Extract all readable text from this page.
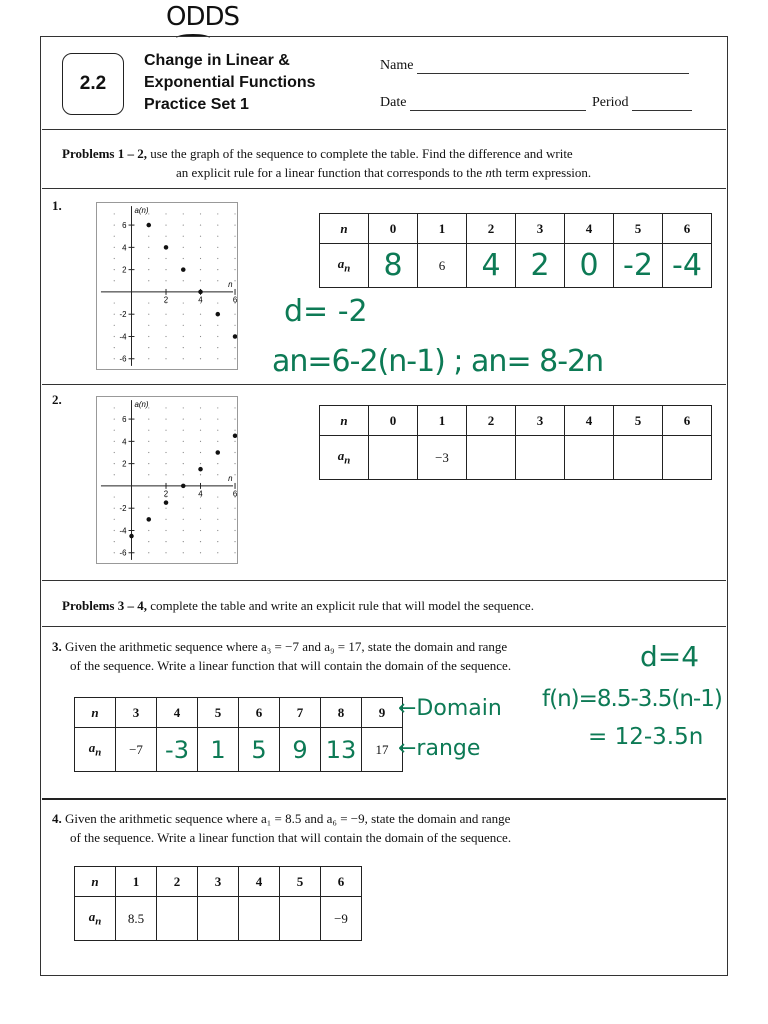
ODDS
2.2
Change in Linear &
Exponential Functions
Practice Set 1
Name
Date	Period
Problems 1 – 2, use the graph of the sequence to complete the table. Find the difference and write
an explicit rule for a linear function that corresponds to the nth term expression.
1.
6
4
2
-2
-4
-6
2	4	6
a(n)
n
n	0	1	2	3	4	5	6
$a_n$	8	6	4	2	0	-2	-4
d= -2
an=6-2(n-1) ; an= 8-2n
2.
6
4
2
-2
-4
-6
2	4	6
a(n)
n
n	0	1	2	3	4	5	6
$a_n$		−3					
Problems 3 – 4, complete the table and write an explicit rule that will model the sequence.
3. Given the arithmetic sequence where a₃ = −7 and a₉ = 17, state the domain and range
of the sequence. Write a linear function that will contain the domain of the sequence.
n	3	4	5	6	7	8	9
$a_n$	−7	-3	1	5	9	13	17
←Domain
←range
d=4
f(n)=8.5-3.5(n-1)
= 12-3.5n
4. Given the arithmetic sequence where a₁ = 8.5 and a₆ = −9, state the domain and range
of the sequence. Write a linear function that will contain the domain of the sequence.
n	1	2	3	4	5	6
$a_n$	8.5					−9
